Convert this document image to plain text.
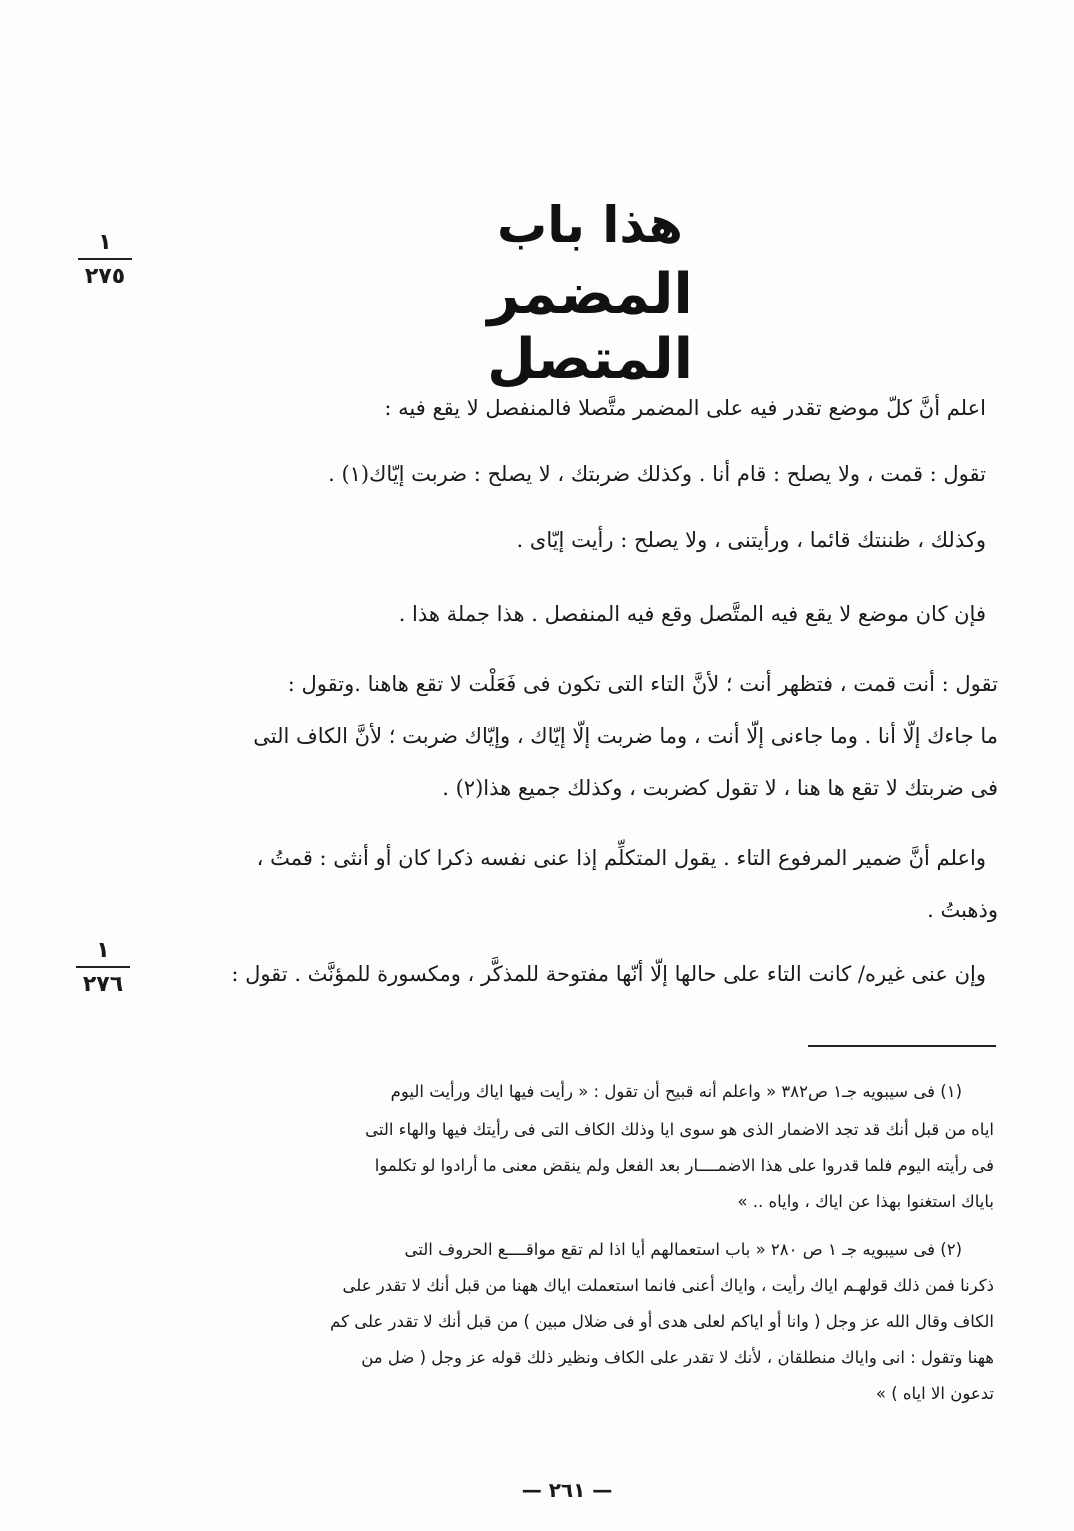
هذا باب
المضمر المتصل
١
٢٧٥
١
٢٧٦
اعلم أنَّ كلّ موضع تقدر فيه على المضمر متَّصلا فالمنفصل لا يقع فيه :
تقول : قمت ، ولا يصلح : قام أنا . وكذلك ضربتك ، لا يصلح : ضربت إيّاك(١) .
وكذلك ، ظننتك قائما ، ورأيتنى ، ولا يصلح : رأيت إيّاى .
فإن كان موضع لا يقع فيه المتَّصل وقع فيه المنفصل . هذا جملة هذا .
تقول : أنت قمت ، فتظهر أنت ؛ لأنَّ التاء التى تكون فى فَعَلْت لا تقع هاهنا .وتقول :
ما جاءك إلّا أنا . وما جاءنى إلّا أنت ، وما ضربت إلّا إيّاك ، وإيّاك ضربت ؛ لأنَّ الكاف التى
فى ضربتك لا تقع ها هنا ، لا تقول كضربت ، وكذلك جميع هذا(٢) .
واعلم أنَّ ضمير المرفوع التاء . يقول المتكلِّم إذا عنى نفسه ذكرا كان أو أنثى : قمتُ ،
وذهبتُ .
وإن عنى غيره/ كانت التاء على حالها إلّا أنّها مفتوحة للمذكَّر ، ومكسورة للمؤنَّث . تقول :
(١) فى سيبويه جـ١ ص٣٨٢ « واعلم أنه قبيح أن تقول : « رأيت فيها اياك ورأيت اليوم
اياه من قبل أنك قد تجد الاضمار الذى هو سوى ايا وذلك الكاف التى فى رأيتك فيها والهاء التى
فى رأيته اليوم فلما قدروا على هذا الاضمــــار بعد الفعل ولم ينقض معنى ما أرادوا لو تكلموا
باياك استغنوا بهذا عن اياك ، واياه .. »
(٢) فى سيبويه جـ ١ ص ٢٨٠ « باب استعمالهم أيا اذا لم تقع مواقــــع الحروف التى
ذكرنا فمن ذلك قولهـم اياك رأيت ، واياك أعنى فانما استعملت اياك ههنا من قبل أنك لا تقدر على
الكاف وقال الله عز وجل ( وانا أو اياكم لعلى هدى أو فى ضلال مبين ) من قبل أنك لا تقدر على كم
ههنا وتقول : انى واياك منطلقان ، لأنك لا تقدر على الكاف ونظير ذلك قوله عز وجل ( ضل من
تدعون الا اياه ) »
— ٢٦١ —
